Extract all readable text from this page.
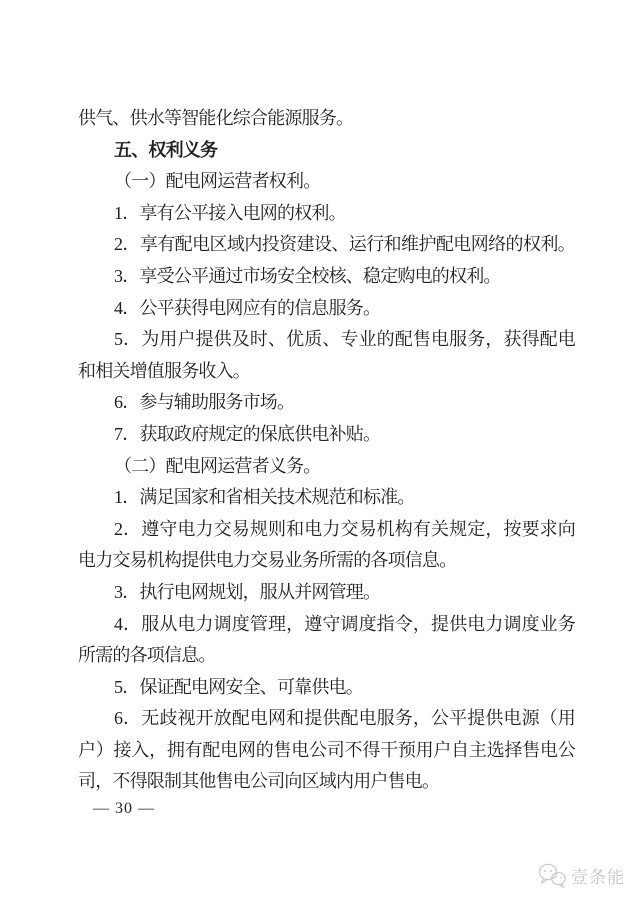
供气、供水等智能化综合能源服务。
五、权利义务
（一）配电网运营者权利。
1．享有公平接入电网的权利。
2．享有配电区域内投资建设、运行和维护配电网络的权利。
3．享受公平通过市场安全校核、稳定购电的权利。
4．公平获得电网应有的信息服务。
5．为用户提供及时、优质、专业的配售电服务，获得配电
和相关增值服务收入。
6．参与辅助服务市场。
7．获取政府规定的保底供电补贴。
（二）配电网运营者义务。
1．满足国家和省相关技术规范和标准。
2．遵守电力交易规则和电力交易机构有关规定，按要求向
电力交易机构提供电力交易业务所需的各项信息。
3．执行电网规划，服从并网管理。
4．服从电力调度管理，遵守调度指令，提供电力调度业务
所需的各项信息。
5．保证配电网安全、可靠供电。
6．无歧视开放配电网和提供配电服务，公平提供电源（用
户）接入，拥有配电网的售电公司不得干预用户自主选择售电公
司，不得限制其他售电公司向区域内用户售电。
— 30 —
壹条能
